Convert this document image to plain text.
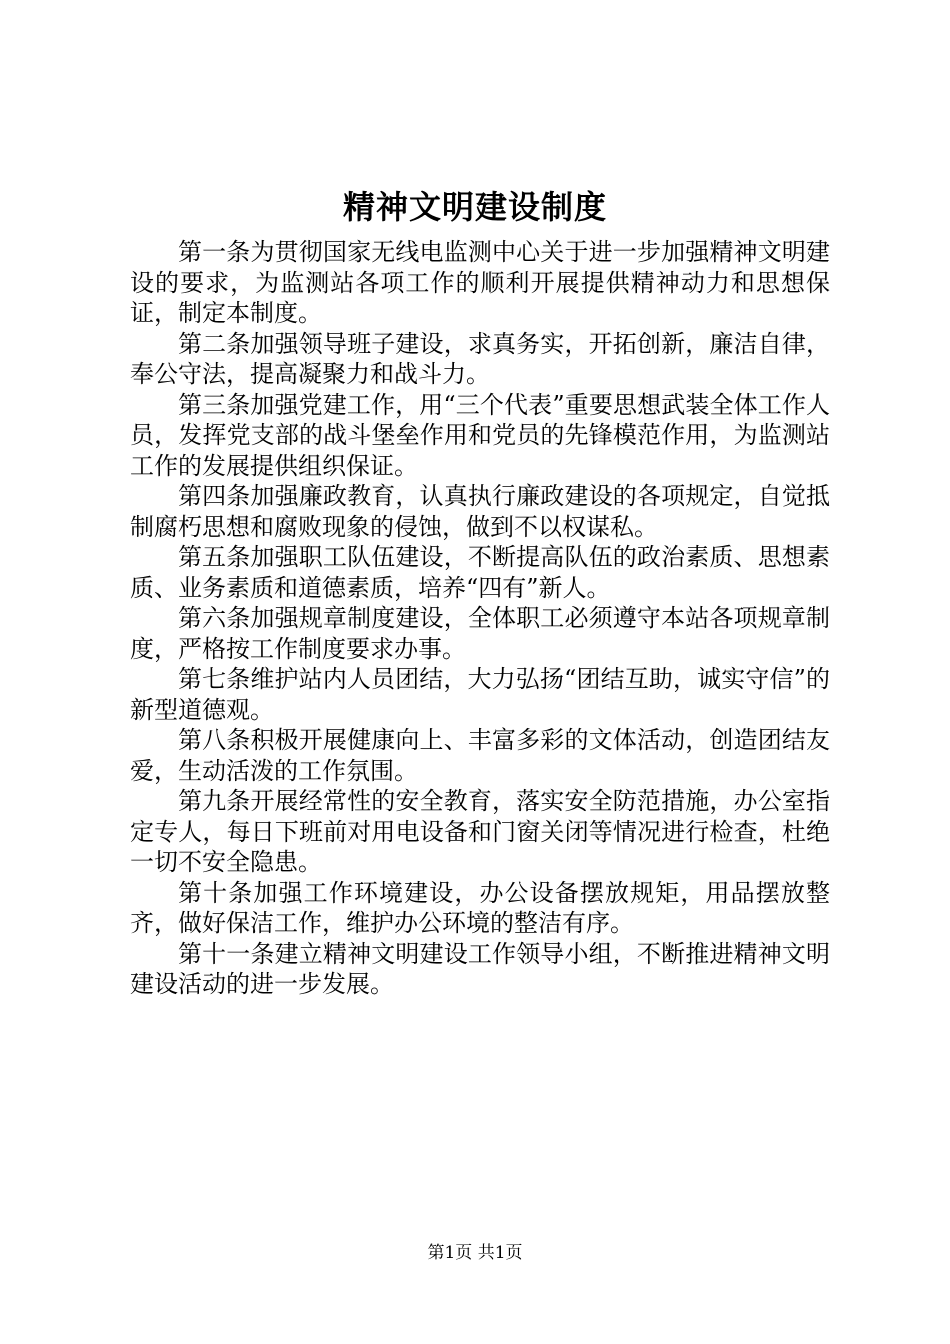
精神文明建设制度

第一条为贯彻国家无线电监测中心关于进一步加强精神文明建设的要求，为监测站各项工作的顺利开展提供精神动力和思想保证，制定本制度。

第二条加强领导班子建设，求真务实，开拓创新，廉洁自律，奉公守法，提高凝聚力和战斗力。

第三条加强党建工作，用“三个代表”重要思想武装全体工作人员，发挥党支部的战斗堡垒作用和党员的先锋模范作用，为监测站工作的发展提供组织保证。

第四条加强廉政教育，认真执行廉政建设的各项规定，自觉抵制腐朽思想和腐败现象的侵蚀，做到不以权谋私。

第五条加强职工队伍建设，不断提高队伍的政治素质、思想素质、业务素质和道德素质，培养“四有”新人。

第六条加强规章制度建设，全体职工必须遵守本站各项规章制度，严格按工作制度要求办事。

第七条维护站内人员团结，大力弘扬“团结互助，诚实守信”的新型道德观。

第八条积极开展健康向上、丰富多彩的文体活动，创造团结友爱，生动活泼的工作氛围。

第九条开展经常性的安全教育，落实安全防范措施，办公室指定专人，每日下班前对用电设备和门窗关闭等情况进行检查，杜绝一切不安全隐患。

第十条加强工作环境建设，办公设备摆放规矩，用品摆放整齐，做好保洁工作，维护办公环境的整洁有序。

第十一条建立精神文明建设工作领导小组，不断推进精神文明建设活动的进一步发展。

第1页 共1页
